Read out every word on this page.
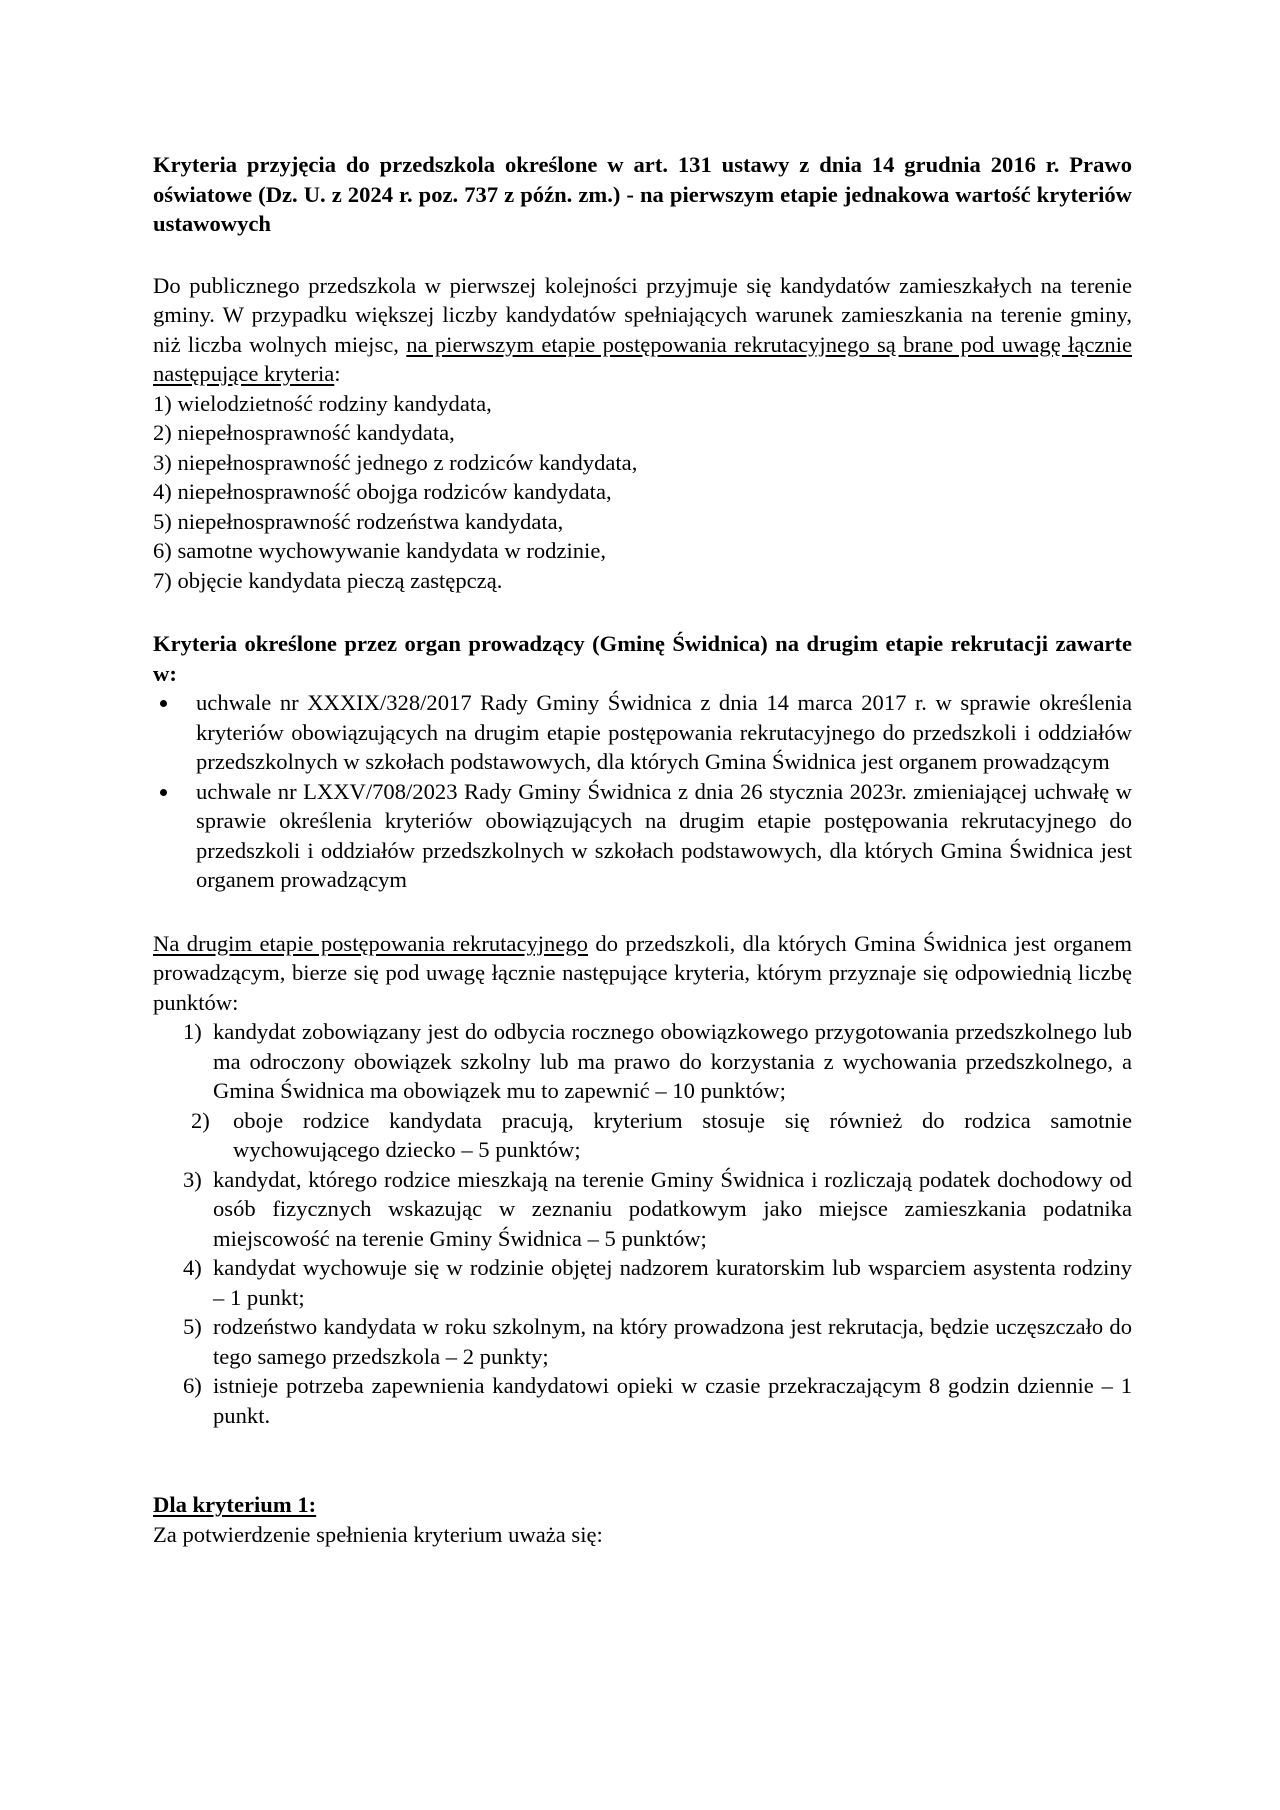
Kryteria przyjęcia do przedszkola określone w art. 131 ustawy z dnia 14 grudnia 2016 r. Prawo oświatowe (Dz. U. z 2024 r. poz. 737 z późn. zm.) - na pierwszym etapie jednakowa wartość kryteriów ustawowych

Do publicznego przedszkola w pierwszej kolejności przyjmuje się kandydatów zamieszkałych na terenie gminy. W przypadku większej liczby kandydatów spełniających warunek zamieszkania na terenie gminy, niż liczba wolnych miejsc, na pierwszym etapie postępowania rekrutacyjnego są brane pod uwagę łącznie następujące kryteria:

1) wielodzietność rodziny kandydata,
2) niepełnosprawność kandydata,
3) niepełnosprawność jednego z rodziców kandydata,
4) niepełnosprawność obojga rodziców kandydata,
5) niepełnosprawność rodzeństwa kandydata,
6) samotne wychowywanie kandydata w rodzinie,
7) objęcie kandydata pieczą zastępczą.

Kryteria określone przez organ prowadzący (Gminę Świdnica) na drugim etapie rekrutacji zawarte w:

uchwale nr XXXIX/328/2017 Rady Gminy Świdnica z dnia 14 marca 2017 r. w sprawie określenia kryteriów obowiązujących na drugim etapie postępowania rekrutacyjnego do przedszkoli i oddziałów przedszkolnych w szkołach podstawowych, dla których Gmina Świdnica jest organem prowadzącym
uchwale nr LXXV/708/2023 Rady Gminy Świdnica z dnia 26 stycznia 2023r. zmieniającej uchwałę w sprawie określenia kryteriów obowiązujących na drugim etapie postępowania rekrutacyjnego do przedszkoli i oddziałów przedszkolnych w szkołach podstawowych, dla których Gmina Świdnica jest organem prowadzącym

Na drugim etapie postępowania rekrutacyjnego do przedszkoli, dla których Gmina Świdnica jest organem prowadzącym, bierze się pod uwagę łącznie następujące kryteria, którym przyznaje się odpowiednią liczbę punktów:

1) kandydat zobowiązany jest do odbycia rocznego obowiązkowego przygotowania przedszkolnego lub ma odroczony obowiązek szkolny lub ma prawo do korzystania z wychowania przedszkolnego, a Gmina Świdnica ma obowiązek mu to zapewnić – 10 punktów;
2) oboje rodzice kandydata pracują, kryterium stosuje się również do rodzica samotnie wychowującego dziecko – 5 punktów;
3) kandydat, którego rodzice mieszkają na terenie Gminy Świdnica i rozliczają podatek dochodowy od osób fizycznych wskazując w zeznaniu podatkowym jako miejsce zamieszkania podatnika miejscowość na terenie Gminy Świdnica – 5 punktów;
4) kandydat wychowuje się w rodzinie objętej nadzorem kuratorskim lub wsparciem asystenta rodziny – 1 punkt;
5) rodzeństwo kandydata w roku szkolnym, na który prowadzona jest rekrutacja, będzie uczęszczało do tego samego przedszkola – 2 punkty;
6) istnieje potrzeba zapewnienia kandydatowi opieki w czasie przekraczającym 8 godzin dziennie – 1 punkt.

Dla kryterium 1:

Za potwierdzenie spełnienia kryterium uważa się:
